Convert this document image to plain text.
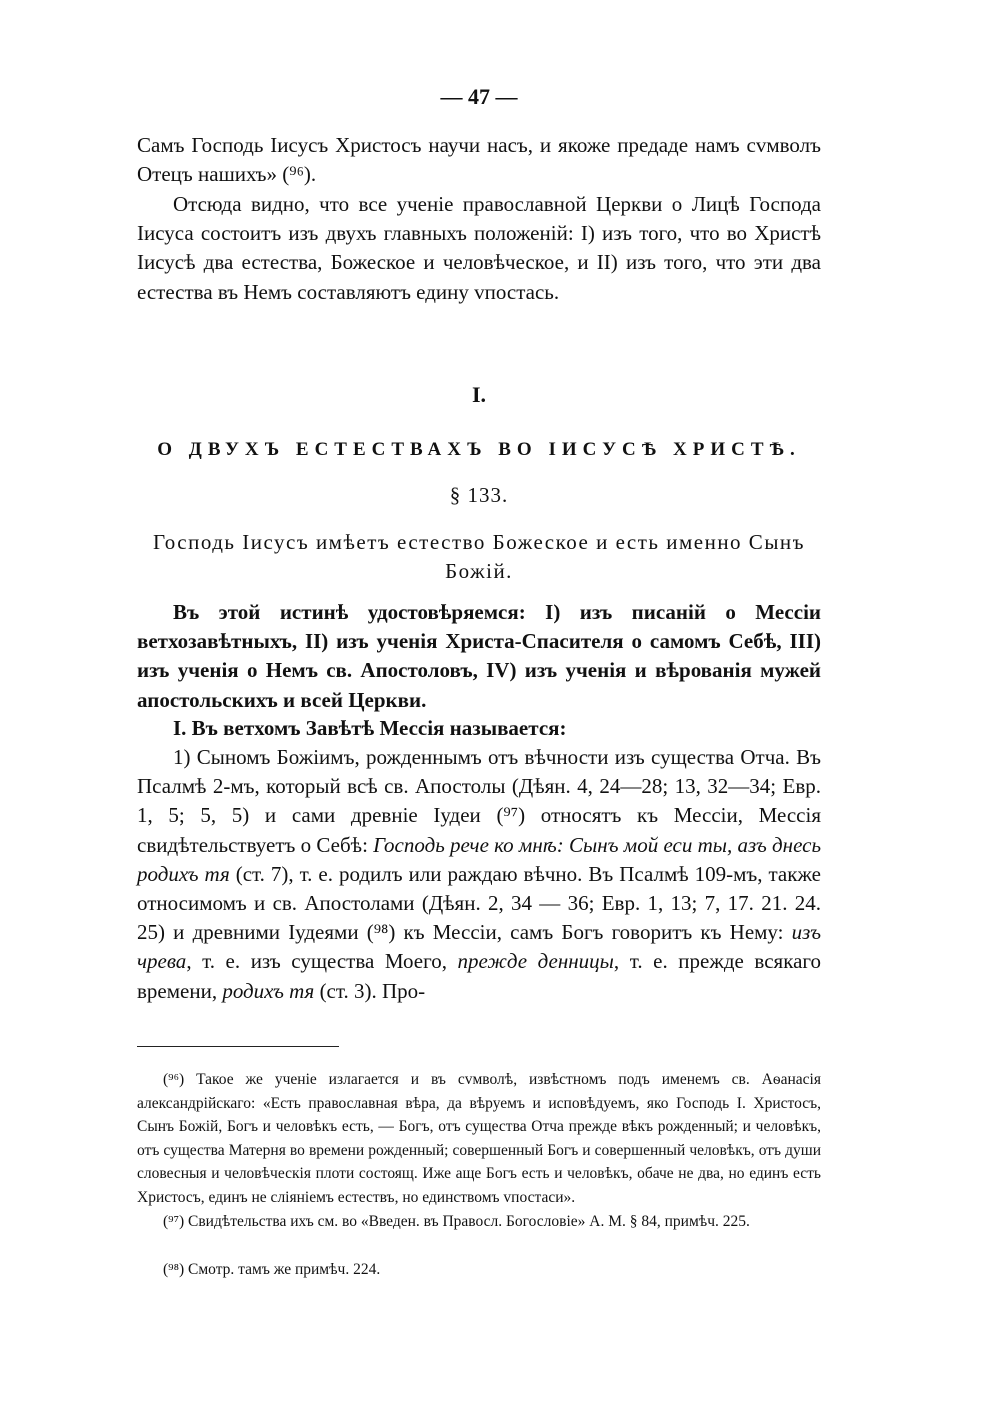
— 47 —

Самъ Господь Іисусъ Христосъ научи насъ, и якоже предаде намъ сvмволъ Отецъ нашихъ» (⁹⁶).

Отсюда видно, что все ученіе православной Церкви о Лицѣ Господа Іисуса состоитъ изъ двухъ главныхъ положеній: I) изъ того, что во Христѣ Іисусѣ два естества, Божеское и человѣческое, и II) изъ того, что эти два естества въ Немъ составляютъ едину vпостась.

I.

О ДВУХЪ ЕСТЕСТВАХЪ ВО ІИСУСѢ ХРИСТѢ.

§ 133.

Господь Іисусъ имѣетъ естество Божеское и есть именно Сынъ Божій.

Въ этой истинѣ удостовѣряемся: I) изъ писаній о Мессіи ветхозавѣтныхъ, II) изъ ученія Христа-Спасителя о самомъ Себѣ, III) изъ ученія о Немъ св. Апостоловъ, IV) изъ ученія и вѣрованія мужей апостольскихъ и всей Церкви.

I. Въ ветхомъ Завѣтѣ Мессія называется:

1) Сыномъ Божіимъ, рожденнымъ отъ вѣчности изъ существа Отча. Въ Псалмѣ 2-мъ, который всѣ св. Апостолы (Дѣян. 4, 24—28; 13, 32—34; Евр. 1, 5; 5, 5) и сами древніе Іудеи (⁹⁷) относятъ къ Мессіи, Мессія свидѣтельствуетъ о Себѣ: Господь рече ко мнѣ: Сынъ мой еси ты, азъ днесь родихъ тя (ст. 7), т. е. родилъ или раждаю вѣчно. Въ Псалмѣ 109-мъ, также относимомъ и св. Апостолами (Дѣян. 2, 34 — 36; Евр. 1, 13; 7, 17. 21. 24. 25) и древними Іудеями (⁹⁸) къ Мессіи, самъ Богъ говоритъ къ Нему: изъ чрева, т. е. изъ существа Моего, прежде денницы, т. е. прежде всякаго времени, родихъ тя (ст. 3). Про-

(⁹⁶) Такое же ученіе излагается и въ сvмволѣ, извѣстномъ подъ именемъ св. Аѳанасія александрійскаго: «Есть православная вѣра, да вѣруемъ и исповѣдуемъ, яко Господь I. Христосъ, Сынъ Божій, Богъ и человѣкъ есть, — Богъ, отъ существа Отча прежде вѣкъ рожденный; и человѣкъ, отъ существа Матерня во времени рожденный; совершенный Богъ и совершенный человѣкъ, отъ души словесныя и человѣческія плоти состоящ. Иже аще Богъ есть и человѣкъ, обаче не два, но единъ есть Христосъ, единъ не сліяніемъ естествъ, но единствомъ vпостаси».

(⁹⁷) Свидѣтельства ихъ см. во «Введен. въ Правосл. Богословіе» А. М. § 84, примѣч. 225.

(⁹⁸) Смотр. тамъ же примѣч. 224.
